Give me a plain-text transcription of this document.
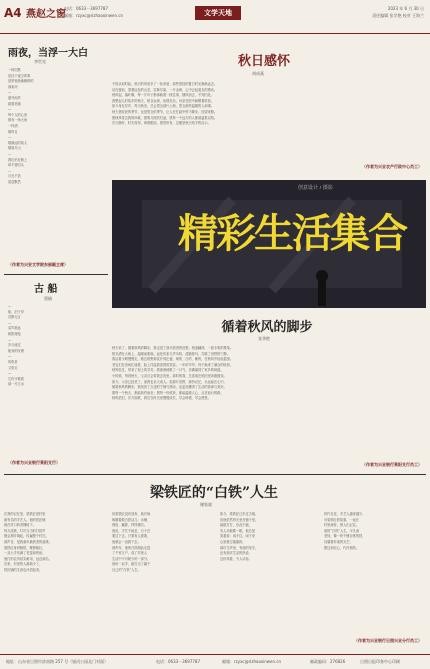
A4 燕赵之窗
电话：0633－3697787
邮箱：rzyxc@rizhaoxinwen.cn	文学天地	2023 年 6 月 30 日
责任编辑 张学艳 校对 王海兰
雨夜，当浮一大白
李世光
一种沉默
是浮于夜空的雾
是梦里渐渐飘散的
那条河
—
窗外雨声
敲着老墙
—
每个人的心里
都有一场大雨
一杯酒
敬昨日
—
敬渐远的故人
敬那片山
—
我们仍在路上
却不曾回头
—
月光不语
星辰默然
（作者为兴安文学院东部副主席）
古 船
墨楠
—
船，泊于岸
沉默无言
—
桨声渐远
帆影斑驳
—
岁月流过
船身的纹理
—
风吹来
又吹走
—
它仍守候着
那一片江水
（作者为兴业银行莱阳支行）
秋日感怀
胡成燕
不知从何时起，秋天的风里多了一丝凉意，那些曾经的夏日时光渐渐远去。
站在窗前，望着远处的山峦，层林尽染，一片金黄，心中泛起莫名的感动。
秋风起，落叶飘，每一片叶子都承载着一段往事，随风而去，不知归处。
我想起儿时故乡的秋天，稻谷金黄，炊烟袅袅，母亲在院中晾晒着收获。
如今身在异乡，每当秋至，总会思念那片土地，思念那些温暖的人和事。
秋天是收获的季节，也是思念的季节，让人在忙碌中停下脚步，回望来路。
愿秋风带去我的问候，愿明月照亮归途，愿每一个远方的人都被温柔以待。
岁月静好，时光匆匆，珍惜眼前，感恩所有，这便是秋天给予的启示。
（作者为兴业农产行政中心员工）
精彩生活集合
创意设计 / 摄影
循着秋风的脚步
张华艳
秋天来了，循着秋风的脚步，我走进了那片熟悉的田野。稻浪翻滚，一派丰收的景象。
阳光洒在大地上，温暖而柔和。远处传来几声鸟鸣，清脆悦耳，打破了田野的宁静。
我沿着小路慢慢走，路边的野菊花开得正盛，黄的、白的、紫的，在秋风中轻轻摇曳。
老农们在田间忙碌着，脸上洋溢着喜悦的笑容。一年的辛劳，终于换来了满仓的收获。
秋风吹过，带来了泥土的芬芳。我深深地吸了一口气，仿佛闻到了家乡的味道。
小时候，每到秋天，父亲总会带我去田里。那时的我，总喜欢在稻田里奔跑嬉戏。
如今，父亲已经老了，而我也长大成人。但那片田野，那份记忆，永远留在心中。
循着秋风的脚步，我找回了久违的宁静与感动，也更加懂得了生活的真谛与美好。
愿每一个秋天，都能如约而至；愿每一份收获，都能温暖人心，点亮前行的路。
秋风依旧，岁月如歌，我们在时光里慢慢成长，学会珍惜，学会感恩。
（作者为兴业银行莱阳支行员工）
梁铁匠的“白铁”人生
谢家斌
在我的记忆里，梁铁匠是村里
最有名的手艺人。他的铁匠铺
就在村口的老槐树下。
每天清晨，叮叮当当的打铁声
便会准时响起，传遍整个村庄。
那声音，是我童年最熟悉的旋律。
梁铁匠身材魁梧，臂膀粗壮，
一双大手布满了老茧和伤疤。
他打的农具结实耐用，远近闻名。
后来，村里的人渐渐少了，
铁匠铺的生意也冷清起来。
但梁铁匠没有放弃，他开始
琢磨着做白铁活儿：水桶、
烟囱、簸箕，样样精巧。
他说，手艺不能丢，日子总
要过下去。只要有人需要，
他就会一直做下去。
那些年，他的白铁制品走进
了千家万户，成了村里人
生活中不可缺少的一部分。
他用一双手，敲打出了属于
自己的“白铁”人生。
如今，梁铁匠已年过古稀，
但他依然每天坐在铺子里，
敲敲打打，乐此不疲。
有人劝他歇一歇，他总是
笑着说：闲不住，闲下来
心里就空落落的。
那叮当声里，有他的坚守，
也有他对生活的热爱。
这份执着，令人动容。
时代在变，手艺人越来越少，
可梁铁匠的故事，一直在
村里流传，被人们记住。
他的“白铁”人生，平凡而
坚韧，像一块千锤百炼的铁，
闪耀着朴素的光芒。
愿这份匠心，代代相传。
（作者为兴业银行日照兴业分行员工）
地址：山东省日照市济南路 257 号（银河公园北门对面）	电话：0633－3697787	邮箱：rzyxc@rizhaoxinwen.cn	邮政编码：276826	日照日报印务中心印刷
